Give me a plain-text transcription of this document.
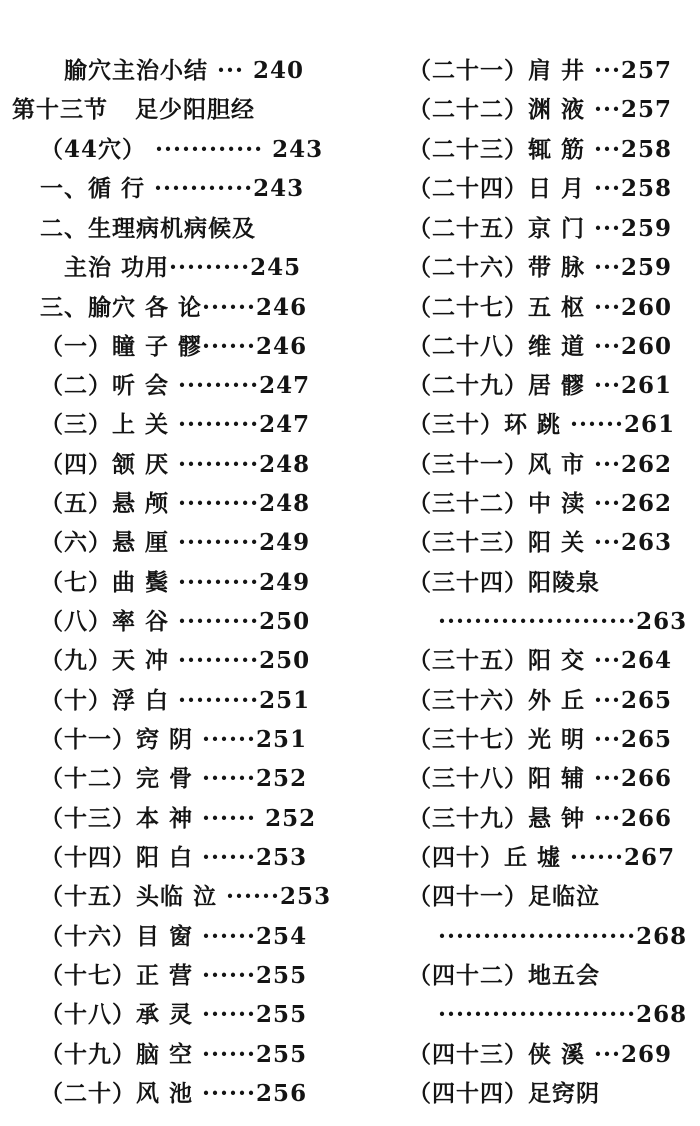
腧穴主治小结 ··· 240
第十三节   足少阳胆经
（44穴） ············ 243
一、循 行 ···········243
二、生理病机病候及
主治 功用·········245
三、腧穴 各 论······246
（一）瞳 子 髎······246
（二）听 会 ·········247
（三）上 关 ·········247
（四）颔 厌 ·········248
（五）悬 颅 ·········248
（六）悬 厘 ·········249
（七）曲 鬓 ·········249
（八）率 谷 ·········250
（九）天 冲 ·········250
（十）浮 白 ·········251
（十一）窍 阴 ······251
（十二）完 骨 ······252
（十三）本 神 ······ 252
（十四）阳 白 ······253
（十五）头临 泣 ······253
（十六）目 窗 ······254
（十七）正 营 ······255
（十八）承 灵 ······255
（十九）脑 空 ······255
（二十）风 池 ······256
（二十一）肩 井 ···257
（二十二）渊 液 ···257
（二十三）辄 筋 ···258
（二十四）日 月 ···258
（二十五）京 门 ···259
（二十六）带 脉 ···259
（二十七）五 枢 ···260
（二十八）维 道 ···260
（二十九）居 髎 ···261
（三十）环 跳 ······261
（三十一）风 市 ···262
（三十二）中 渎 ···262
（三十三）阳 关 ···263
（三十四）阳陵泉
······················263
（三十五）阳 交 ···264
（三十六）外 丘 ···265
（三十七）光 明 ···265
（三十八）阳 辅 ···266
（三十九）悬 钟 ···266
（四十）丘 墟 ······267
（四十一）足临泣
······················268
（四十二）地五会
······················268
（四十三）侠 溪 ···269
（四十四）足窍阴
